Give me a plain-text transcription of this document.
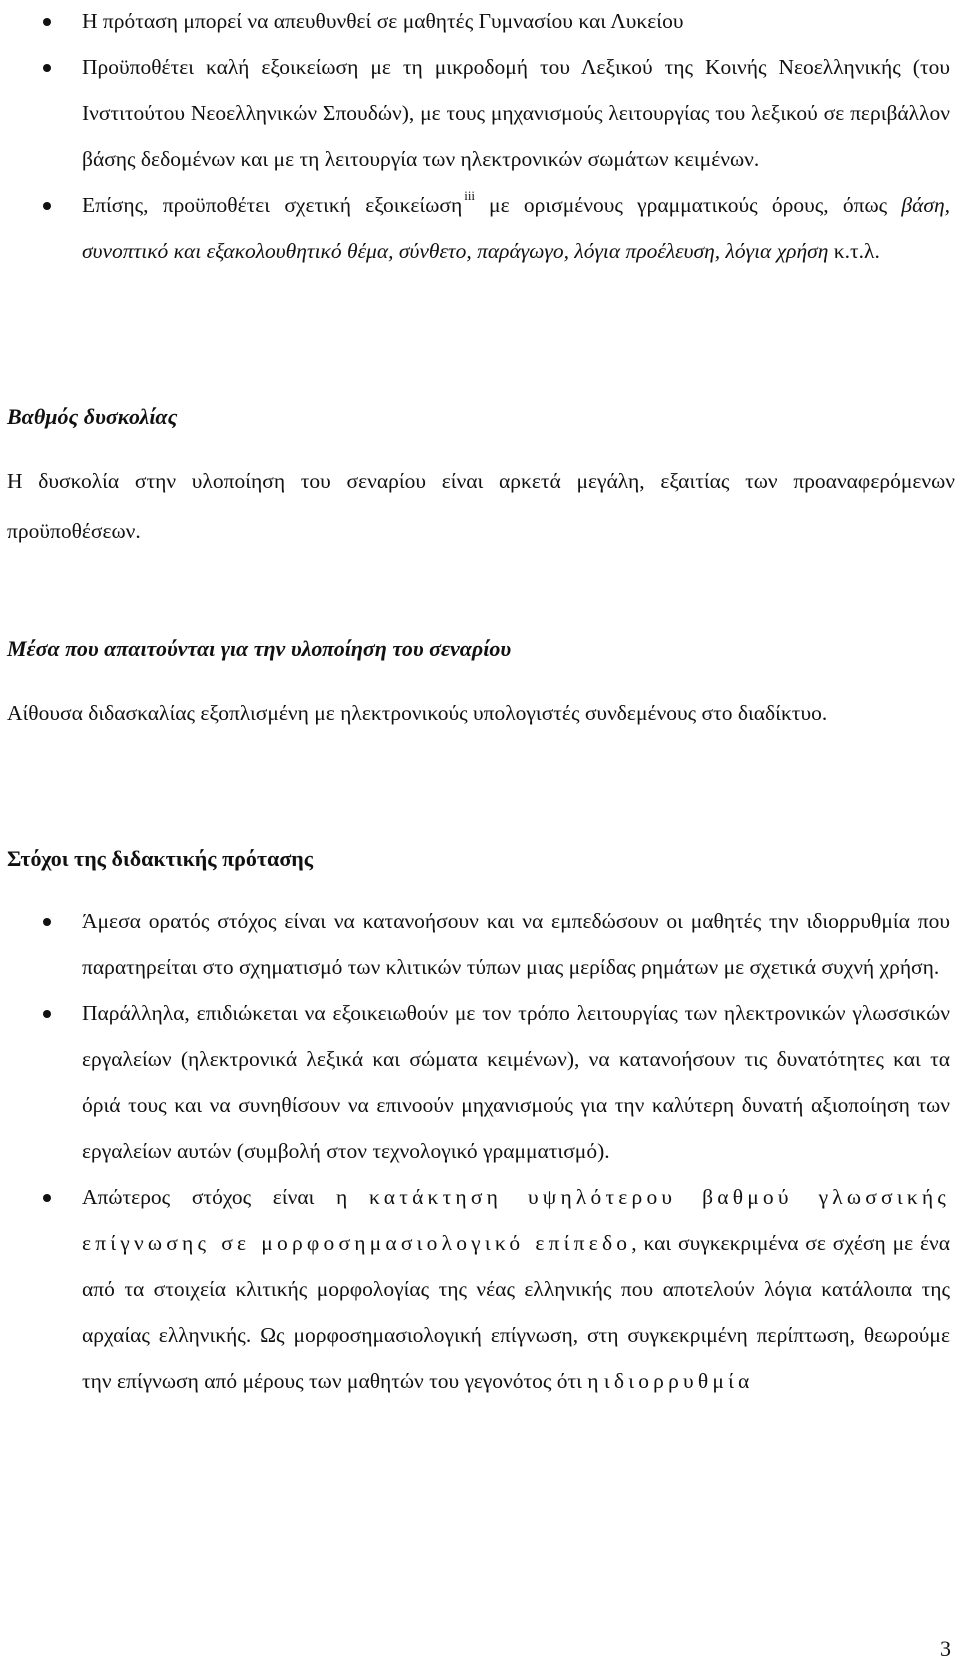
Η πρόταση μπορεί να απευθυνθεί σε μαθητές Γυμνασίου και Λυκείου
Προϋποθέτει καλή εξοικείωση με τη μικροδομή του Λεξικού της Κοινής Νεοελληνικής (του Ινστιτούτου Νεοελληνικών Σπουδών), με τους μηχανισμούς λειτουργίας του λεξικού σε περιβάλλον βάσης δεδομένων και με τη λειτουργία των ηλεκτρονικών σωμάτων κειμένων.
Επίσης, προϋποθέτει σχετική εξοικείωση $^{iii}$ με ορισμένους γραμματικούς όρους, όπως βάση, συνοπτικό και εξακολουθητικό θέμα, σύνθετο, παράγωγο, λόγια προέλευση, λόγια χρήση κ.τ.λ.
Βαθμός δυσκολίας
Η δυσκολία στην υλοποίηση του σεναρίου είναι αρκετά μεγάλη, εξαιτίας των προαναφερόμενων προϋποθέσεων.
Μέσα που απαιτούνται για την υλοποίηση του σεναρίου
Αίθουσα διδασκαλίας εξοπλισμένη με ηλεκτρονικούς υπολογιστές συνδεμένους στο διαδίκτυο.
Στόχοι της διδακτικής πρότασης
Άμεσα ορατός στόχος είναι να κατανοήσουν και να εμπεδώσουν οι μαθητές την ιδιορρυθμία που παρατηρείται στο σχηματισμό των κλιτικών τύπων μιας μερίδας ρημάτων με σχετικά συχνή χρήση.
Παράλληλα, επιδιώκεται να εξοικειωθούν με τον τρόπο λειτουργίας των ηλεκτρονικών γλωσσικών εργαλείων (ηλεκτρονικά λεξικά και σώματα κειμένων), να κατανοήσουν τις δυνατότητες και τα όριά τους και να συνηθίσουν να επινοούν μηχανισμούς για την καλύτερη δυνατή αξιοποίηση των εργαλείων αυτών (συμβολή στον τεχνολογικό γραμματισμό).
Απώτερος στόχος είναι η κατάκτηση υψηλότερου βαθμού γλωσσικής επίγνωσης σε μορφοσημασιολογικό επίπεδο, και συγκεκριμένα σε σχέση με ένα από τα στοιχεία κλιτικής μορφολογίας της νέας ελληνικής που αποτελούν λόγια κατάλοιπα της αρχαίας ελληνικής. Ως μορφοσημασιολογική επίγνωση, στη συγκεκριμένη περίπτωση, θεωρούμε την επίγνωση από μέρους των μαθητών του γεγονότος ότι η ιδιορρυθμία
3
